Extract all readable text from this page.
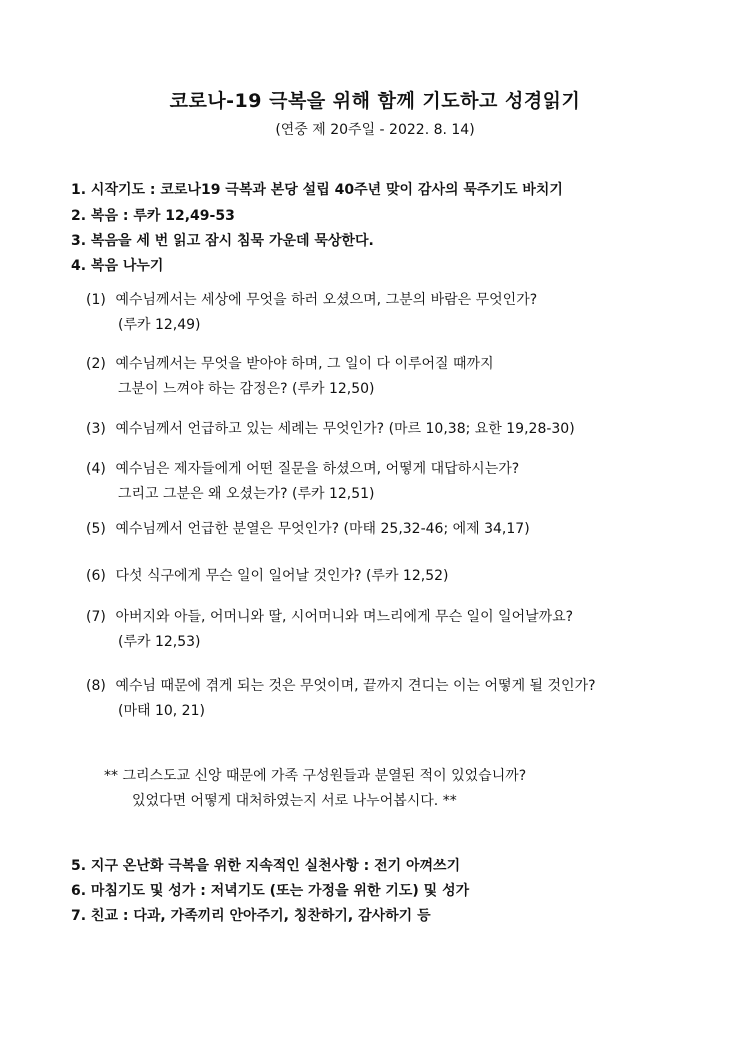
코로나-19 극복을 위해 함께 기도하고 성경읽기
(연중 제 20주일 - 2022. 8. 14)
1. 시작기도 : 코로나19 극복과 본당 설립 40주년 맞이 감사의 묵주기도 바치기
2. 복음 : 루카 12,49-53
3. 복음을 세 번 읽고 잠시 침묵 가운데 묵상한다.
4. 복음 나누기
(1) 예수님께서는 세상에 무엇을 하러 오셨으며, 그분의 바람은 무엇인가?
(루카 12,49)
(2) 예수님께서는 무엇을 받아야 하며, 그 일이 다 이루어질 때까지
그분이 느껴야 하는 감정은? (루카 12,50)
(3) 예수님께서 언급하고 있는 세례는 무엇인가? (마르 10,38; 요한 19,28-30)
(4) 예수님은 제자들에게 어떤 질문을 하셨으며, 어떻게 대답하시는가?
그리고 그분은 왜 오셨는가? (루카 12,51)
(5) 예수님께서 언급한 분열은 무엇인가? (마태 25,32-46; 에제 34,17)
(6) 다섯 식구에게 무슨 일이 일어날 것인가? (루카 12,52)
(7) 아버지와 아들, 어머니와 딸, 시어머니와 며느리에게 무슨 일이 일어날까요?
(루카 12,53)
(8) 예수님 때문에 겪게 되는 것은 무엇이며, 끝까지 견디는 이는 어떻게 될 것인가?
(마태 10, 21)
** 그리스도교 신앙 때문에 가족 구성원들과 분열된 적이 있었습니까?
있었다면 어떻게 대처하였는지 서로 나누어봅시다. **
5. 지구 온난화 극복을 위한 지속적인 실천사항 : 전기 아껴쓰기
6. 마침기도 및 성가 : 저녁기도 (또는 가정을 위한 기도) 및 성가
7. 친교 : 다과, 가족끼리 안아주기, 칭찬하기, 감사하기 등
